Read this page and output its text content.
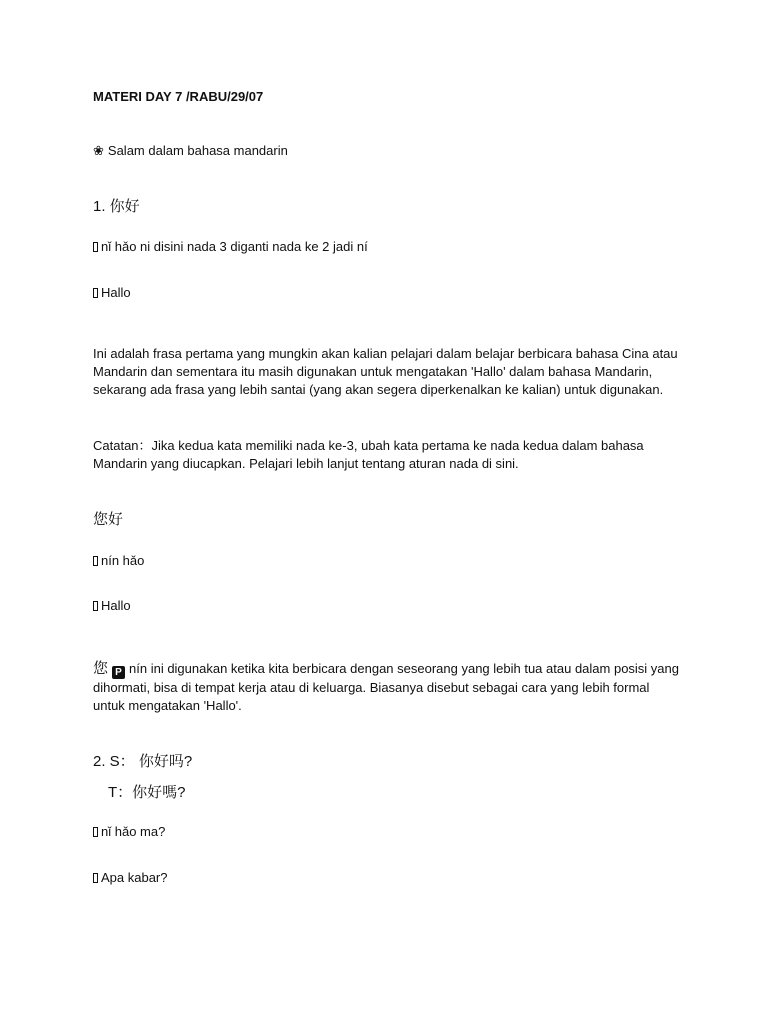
MATERI DAY 7 /RABU/29/07
❀ Salam dalam bahasa mandarin
1. 你好
nǐ hǎo ni disini nada 3 diganti nada ke 2 jadi ní
Hallo
Ini adalah frasa pertama yang mungkin akan kalian pelajari dalam belajar berbicara bahasa Cina atau
Mandarin dan sementara itu masih digunakan untuk mengatakan 'Hallo' dalam bahasa Mandarin,
sekarang ada frasa yang lebih santai (yang akan segera diperkenalkan ke kalian) untuk digunakan.
Catatan：Jika kedua kata memiliki nada ke-3, ubah kata pertama ke nada kedua dalam bahasa
Mandarin yang diucapkan. Pelajari lebih lanjut tentang aturan nada di sini.
您好
nín hǎo
Hallo
您 P nín ini digunakan ketika kita berbicara dengan seseorang yang lebih tua atau dalam posisi yang
dihormati, bisa di tempat kerja atau di keluarga. Biasanya disebut sebagai cara yang lebih formal
untuk mengatakan 'Hallo'.
2. S： 你好吗?
T：你好嗎?
nǐ hǎo ma?
Apa kabar?
